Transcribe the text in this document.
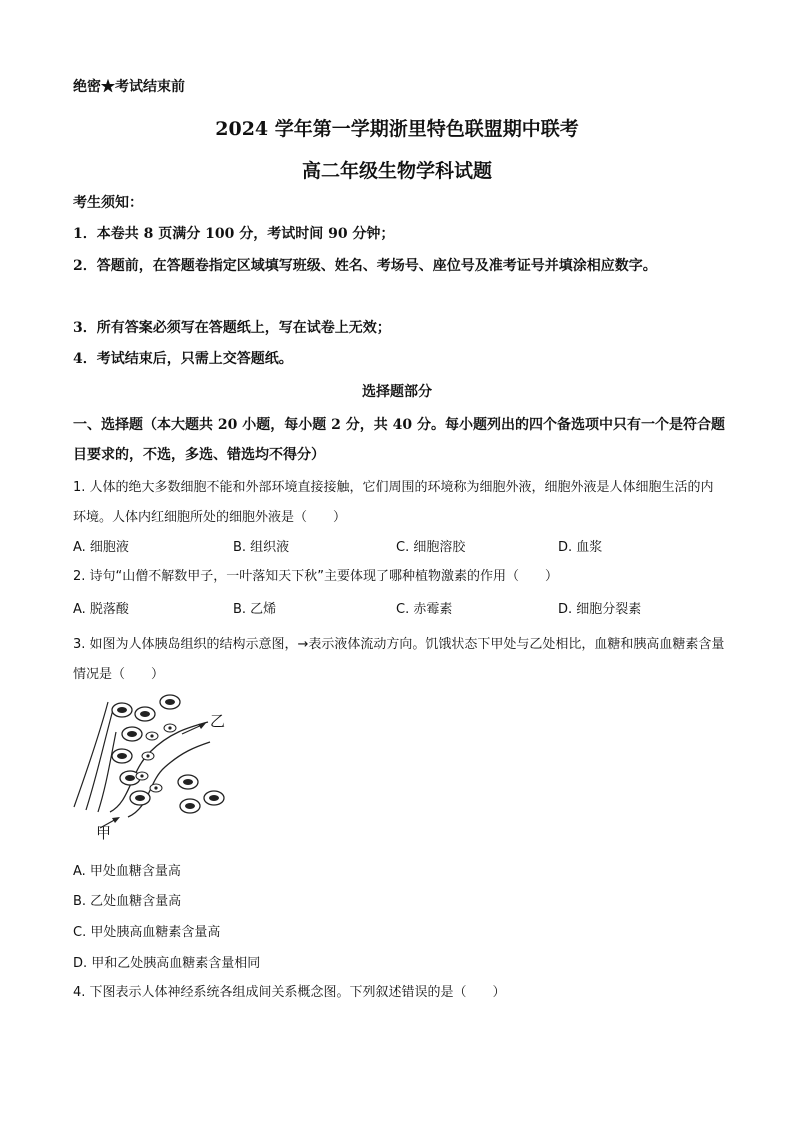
绝密★考试结束前
2024 学年第一学期浙里特色联盟期中联考
高二年级生物学科试题
考生须知：
1．本卷共 8 页满分 100 分，考试时间 90 分钟；
2．答题前，在答题卷指定区域填写班级、姓名、考场号、座位号及准考证号并填涂相应数字。
3．所有答案必须写在答题纸上，写在试卷上无效；
4．考试结束后，只需上交答题纸。
选择题部分
一、选择题（本大题共 20 小题，每小题 2 分，共 40 分。每小题列出的四个备选项中只有一个是符合题目要求的，不选，多选、错选均不得分）
1. 人体的绝大多数细胞不能和外部环境直接接触，它们周围的环境称为细胞外液，细胞外液是人体细胞生活的内环境。人体内红细胞所处的细胞外液是（　　）
A. 细胞液	B. 组织液	C. 细胞溶胶	D. 血浆
2. 诗句“山僧不解数甲子，一叶落知天下秋”主要体现了哪种植物激素的作用（　　）
A. 脱落酸	B. 乙烯	C. 赤霉素	D. 细胞分裂素
3. 如图为人体胰岛组织的结构示意图，→表示液体流动方向。饥饿状态下甲处与乙处相比，血糖和胰高血糖素含量情况是（　　）
乙
甲
A. 甲处血糖含量高
B. 乙处血糖含量高
C. 甲处胰高血糖素含量高
D. 甲和乙处胰高血糖素含量相同
4. 下图表示人体神经系统各组成间关系概念图。下列叙述错误的是（　　）
